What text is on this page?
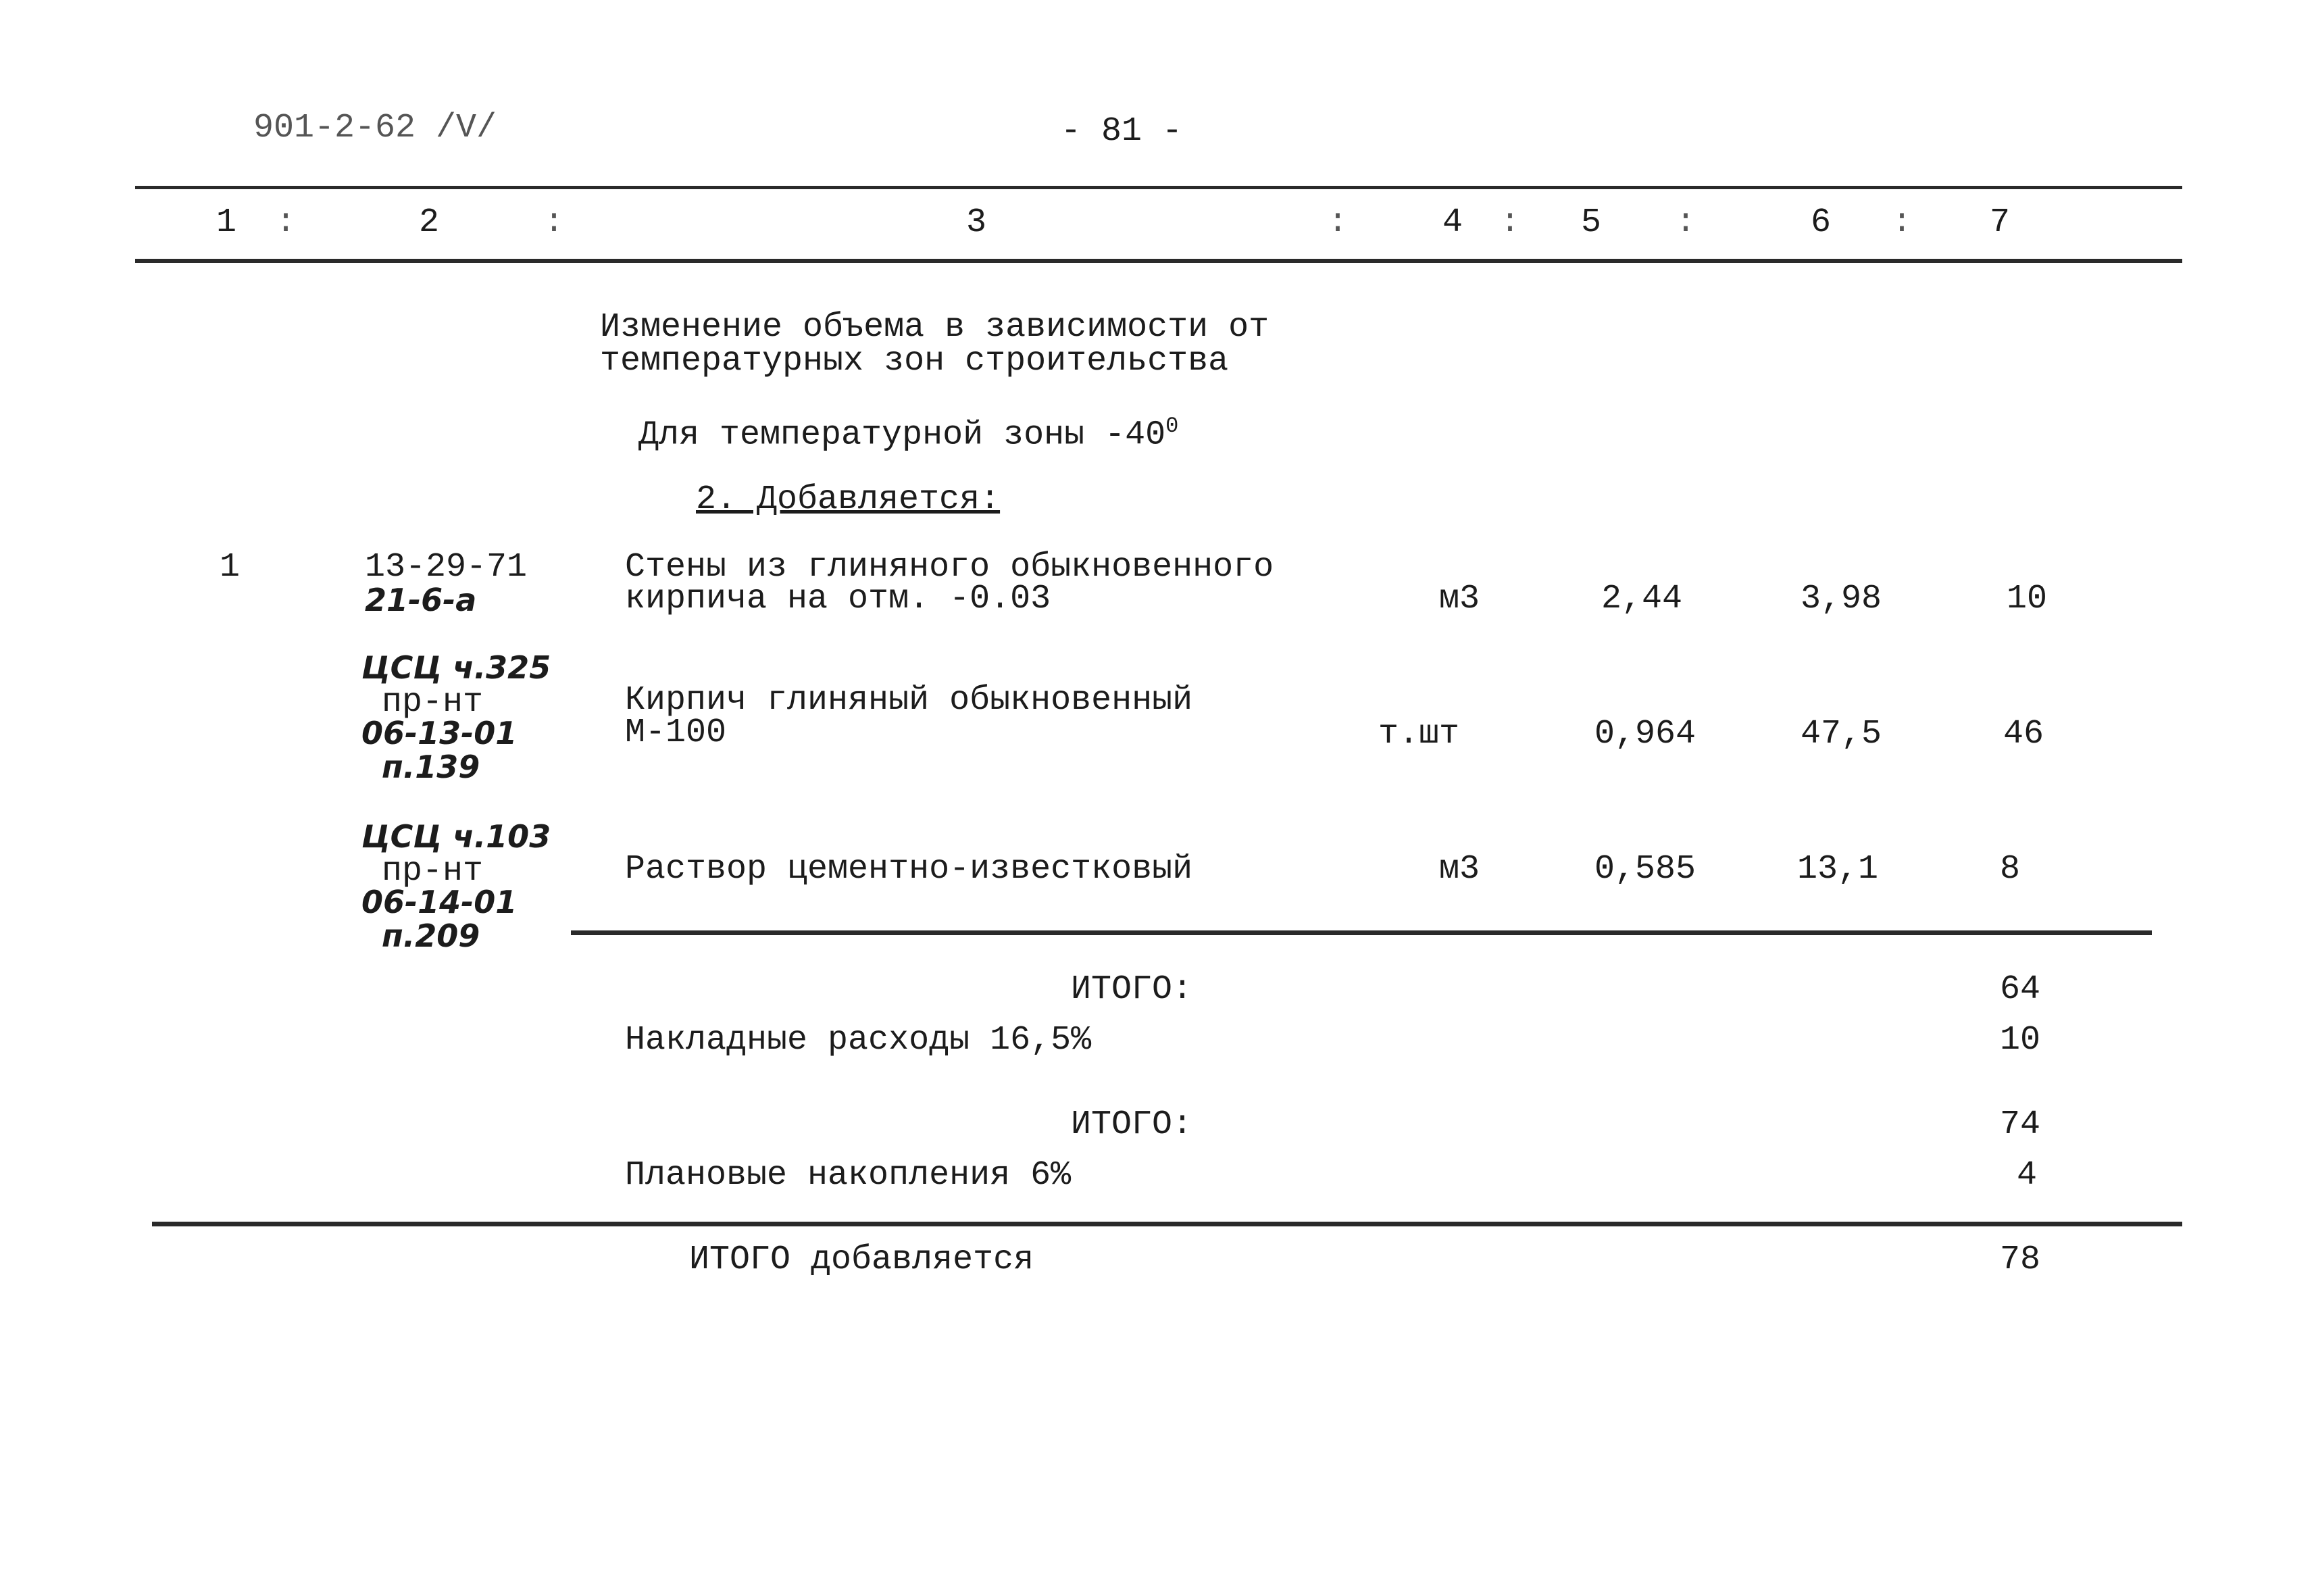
901-2-62 /V/	- 81 -
1	2	3	4	5	6	7
:	:	:	:	:	:
Изменение объема в зависимости от
температурных зон строительства
Для температурной зоны $-40^0$
2. Добавляется:
1	13-29-71
21-6-а
Стены из глиняного обыкновенного
кирпича на отм. -0.03	м3	2,44	3,98	10
ЦСЦ ч.325
пр-нт
06-13-01
п.139
Кирпич глиняный обыкновенный
М-100	т.шт	0,964	47,5	46
ЦСЦ ч.103
пр-нт
06-14-01
п.209
Раствор цементно-известковый	м3	0,585	13,1	8
ИТОГО:	64
Накладные расходы 16,5%	10
ИТОГО:	74
Плановые накопления 6%	4
ИТОГО добавляется	78
